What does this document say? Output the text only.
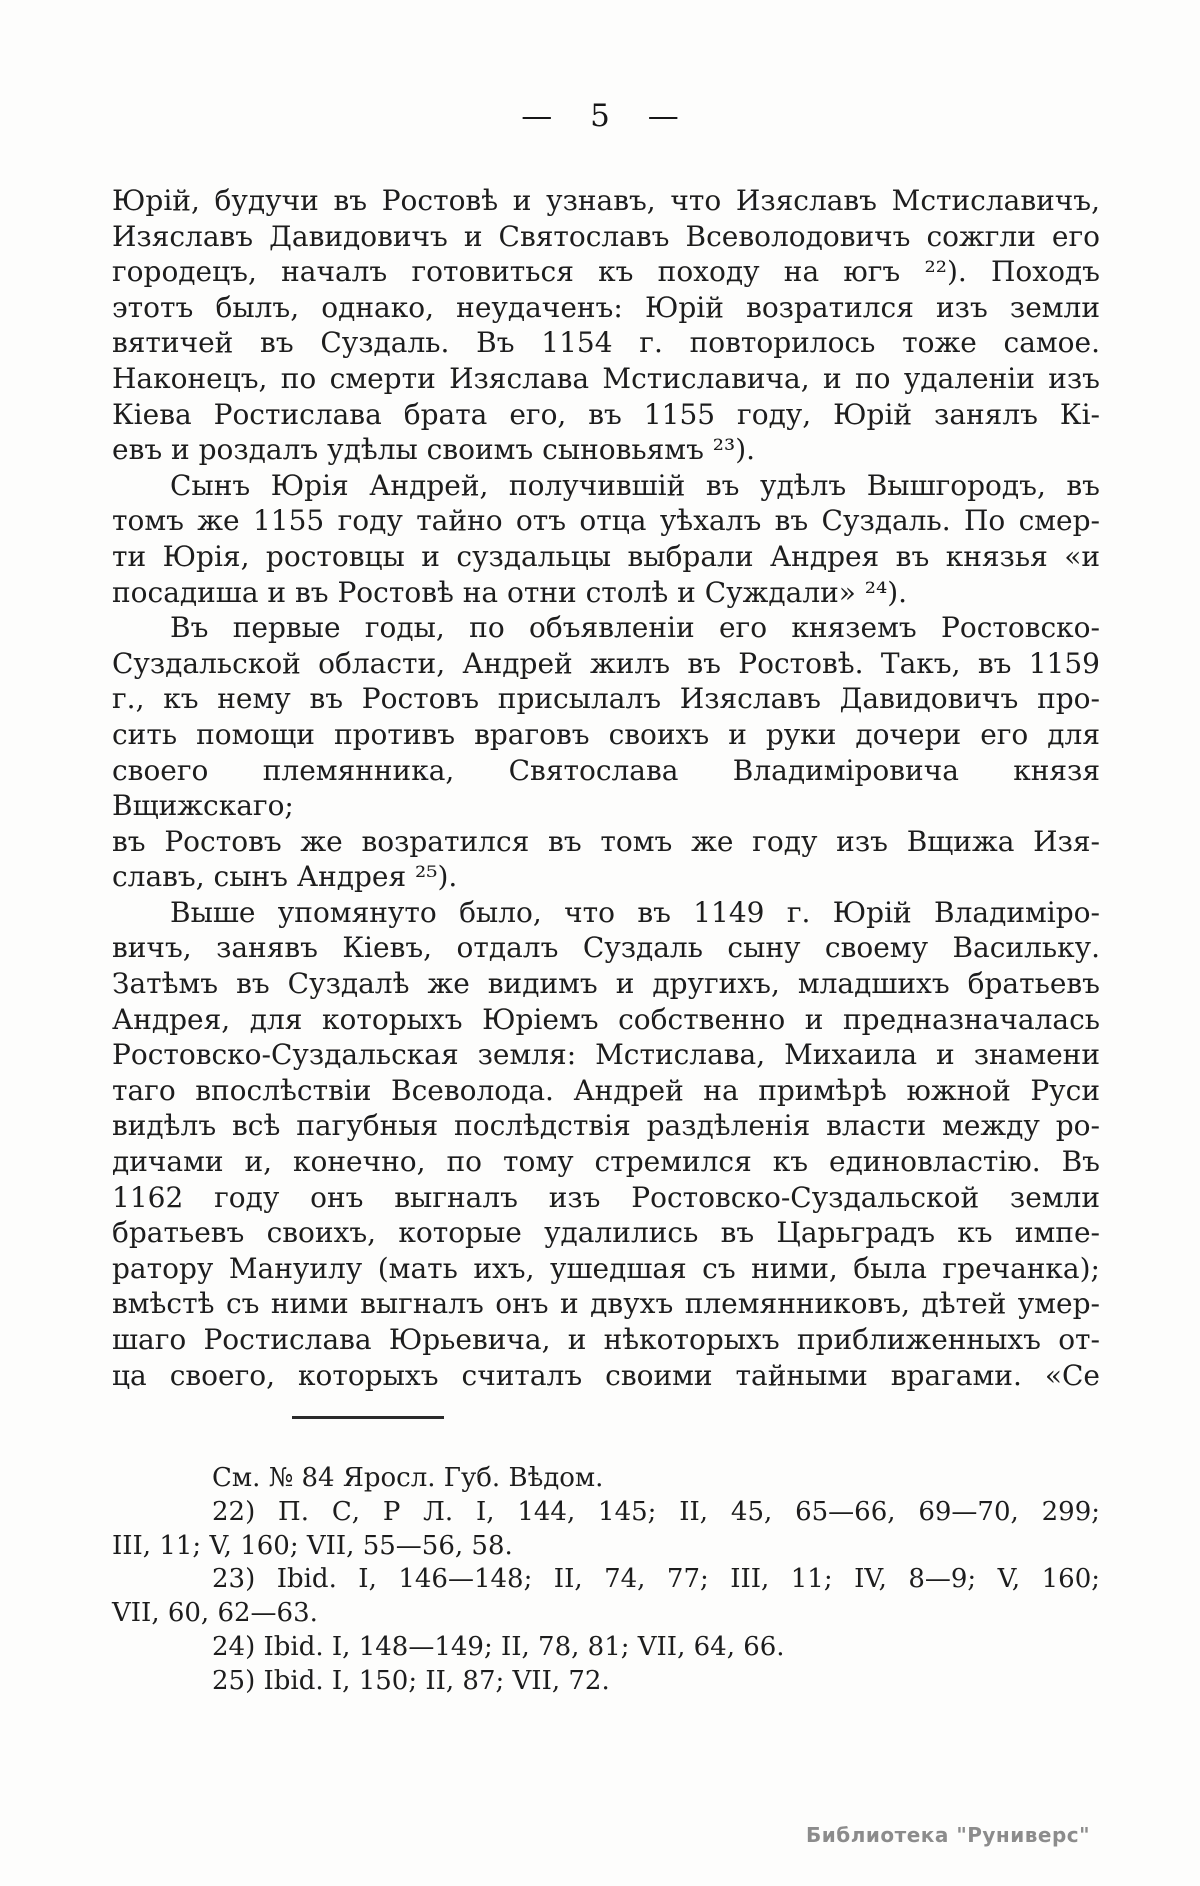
— 5 —
Юрій, будучи въ Ростовѣ и узнавъ, что Изяславъ Мстиславичъ,
Изяславъ Давидовичъ и Святославъ Всеволодовичъ сожгли его
городецъ, началъ готовиться къ походу на югъ ²²). Походъ
этотъ былъ, однако, неудаченъ: Юрій возратился изъ земли
вятичей въ Суздаль. Въ 1154 г. повторилось тоже самое.
Наконецъ, по смерти Изяслава Мстиславича, и по удаленіи изъ
Кіева Ростислава брата его, въ 1155 году, Юрій занялъ Кі-
евъ и роздалъ удѣлы своимъ сыновьямъ ²³).
Сынъ Юрія Андрей, получившій въ удѣлъ Вышгородъ, въ
томъ же 1155 году тайно отъ отца уѣхалъ въ Суздаль. По смер-
ти Юрія, ростовцы и суздальцы выбрали Андрея въ князья «и
посадиша и въ Ростовѣ на отни столѣ и Суждали» ²⁴).
Въ первые годы, по объявленіи его княземъ Ростовско-
Суздальской области, Андрей жилъ въ Ростовѣ. Такъ, въ 1159
г., къ нему въ Ростовъ присылалъ Изяславъ Давидовичъ про-
сить помощи противъ враговъ своихъ и руки дочери его для
своего племянника, Святослава Владиміровича князя Вщижскаго;
въ Ростовъ же возратился въ томъ же году изъ Вщижа Изя-
славъ, сынъ Андрея ²⁵).
Выше упомянуто было, что въ 1149 г. Юрій Владиміро-
вичъ, занявъ Кіевъ, отдалъ Суздаль сыну своему Васильку.
Затѣмъ въ Суздалѣ же видимъ и другихъ, младшихъ братьевъ
Андрея, для которыхъ Юріемъ собственно и предназначалась
Ростовско-Суздальская земля: Мстислава, Михаила и знамени
таго впослѣствіи Всеволода. Андрей на примѣрѣ южной Руси
видѣлъ всѣ пагубныя послѣдствія раздѣленія власти между ро-
дичами и, конечно, по тому стремился къ единовластію. Въ
1162 году онъ выгналъ изъ Ростовско-Суздальской земли
братьевъ своихъ, которые удалились въ Царьградъ къ импе-
ратору Мануилу (мать ихъ, ушедшая съ ними, была гречанка);
вмѣстѣ съ ними выгналъ онъ и двухъ племянниковъ, дѣтей умер-
шаго Ростислава Юрьевича, и нѣкоторыхъ приближенныхъ от-
ца своего, которыхъ считалъ своими тайными врагами. «Се
См. № 84 Яросл. Губ. Вѣдом.
22) П. С, Р Л. I, 144, 145; II, 45, 65—66, 69—70, 299;
III, 11; V, 160; VII, 55—56, 58.
23) Ibid. I, 146—148; II, 74, 77; III, 11; IV, 8—9; V, 160;
VII, 60, 62—63.
24) Ibid. I, 148—149; II, 78, 81; VII, 64, 66.
25) Ibid. I, 150; II, 87; VII, 72.
Библиотека "Руниверс"
